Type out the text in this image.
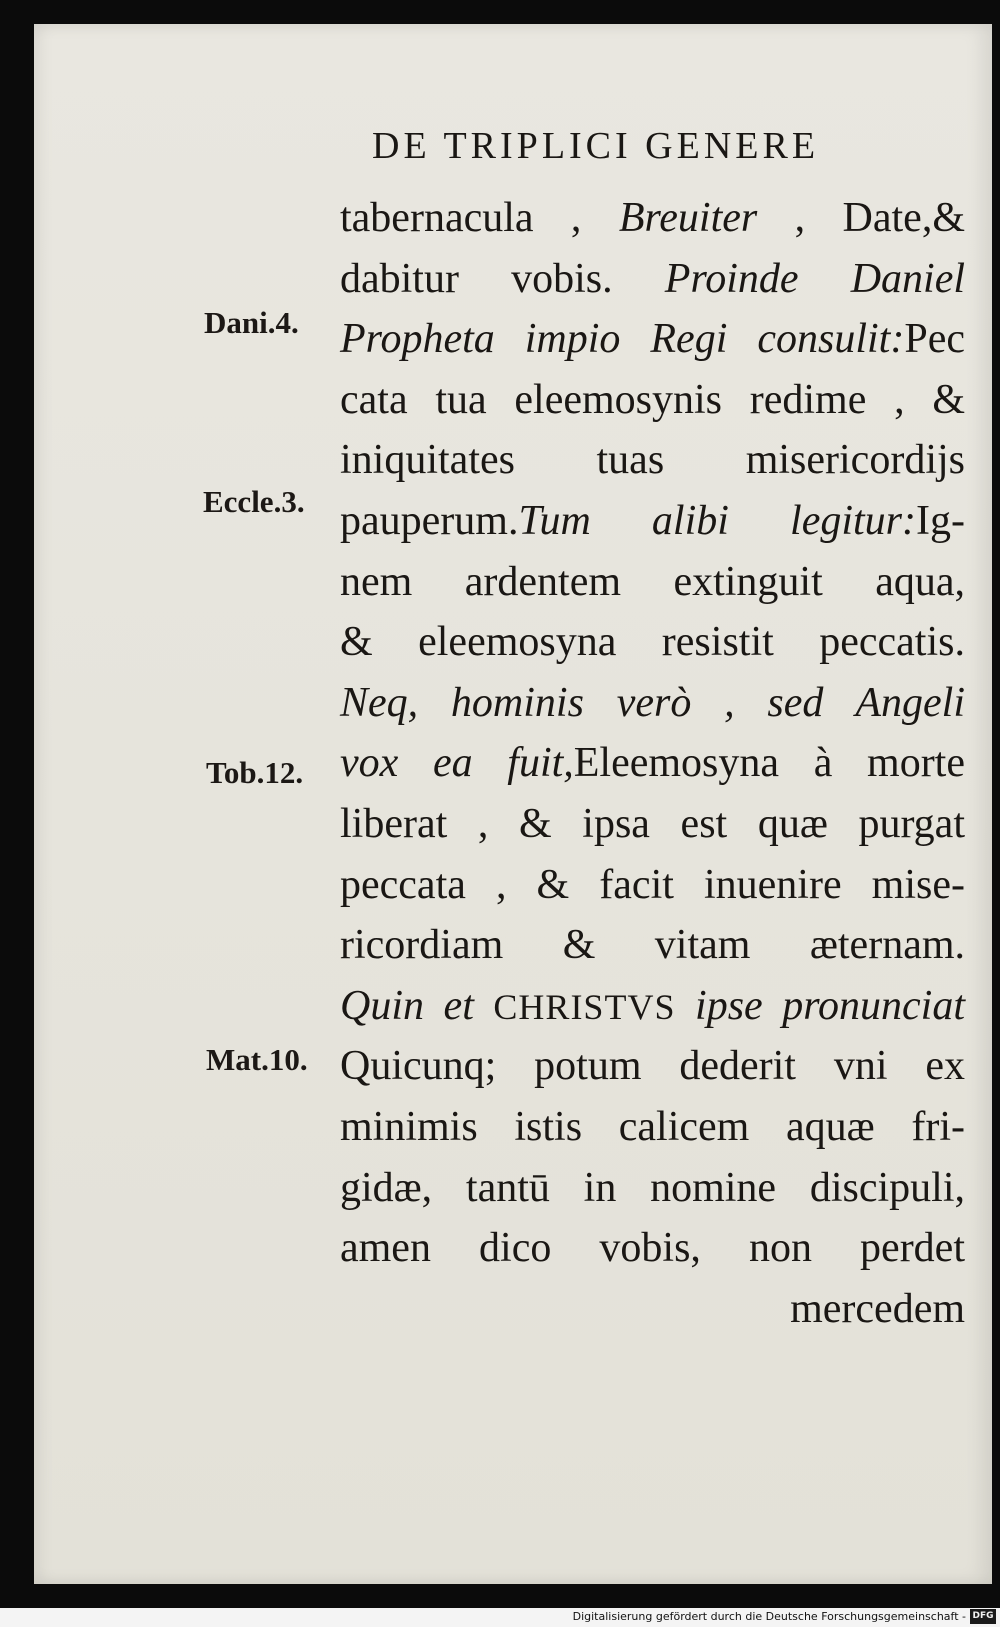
DE TRIPLICI GENERE
tabernacula , Breuiter , Date,&
dabitur vobis. Proinde Daniel
Propheta impio Regi consulit:Pec
cata tua eleemosynis redime , &
iniquitates tuas misericordijs
pauperum.Tum alibi legitur:Ig-
nem ardentem extinguit aqua,
& eleemosyna resistit peccatis.
Neq, hominis verò , sed Angeli
vox ea fuit,Eleemosyna à morte
liberat , & ipsa est quæ purgat
peccata , & facit inuenire mise-
ricordiam & vitam æternam.
Quin et CHRISTVS ipse pronunciat
Quicunq; potum dederit vni ex
minimis istis calicem aquæ fri-
gidæ, tantū in nomine discipuli,
amen dico vobis, non perdet
mercedem
Dani.4.
Eccle.3.
Tob.12.
Mat.10.
Digitalisierung gefördert durch die Deutsche Forschungsgemeinschaft - DFG
